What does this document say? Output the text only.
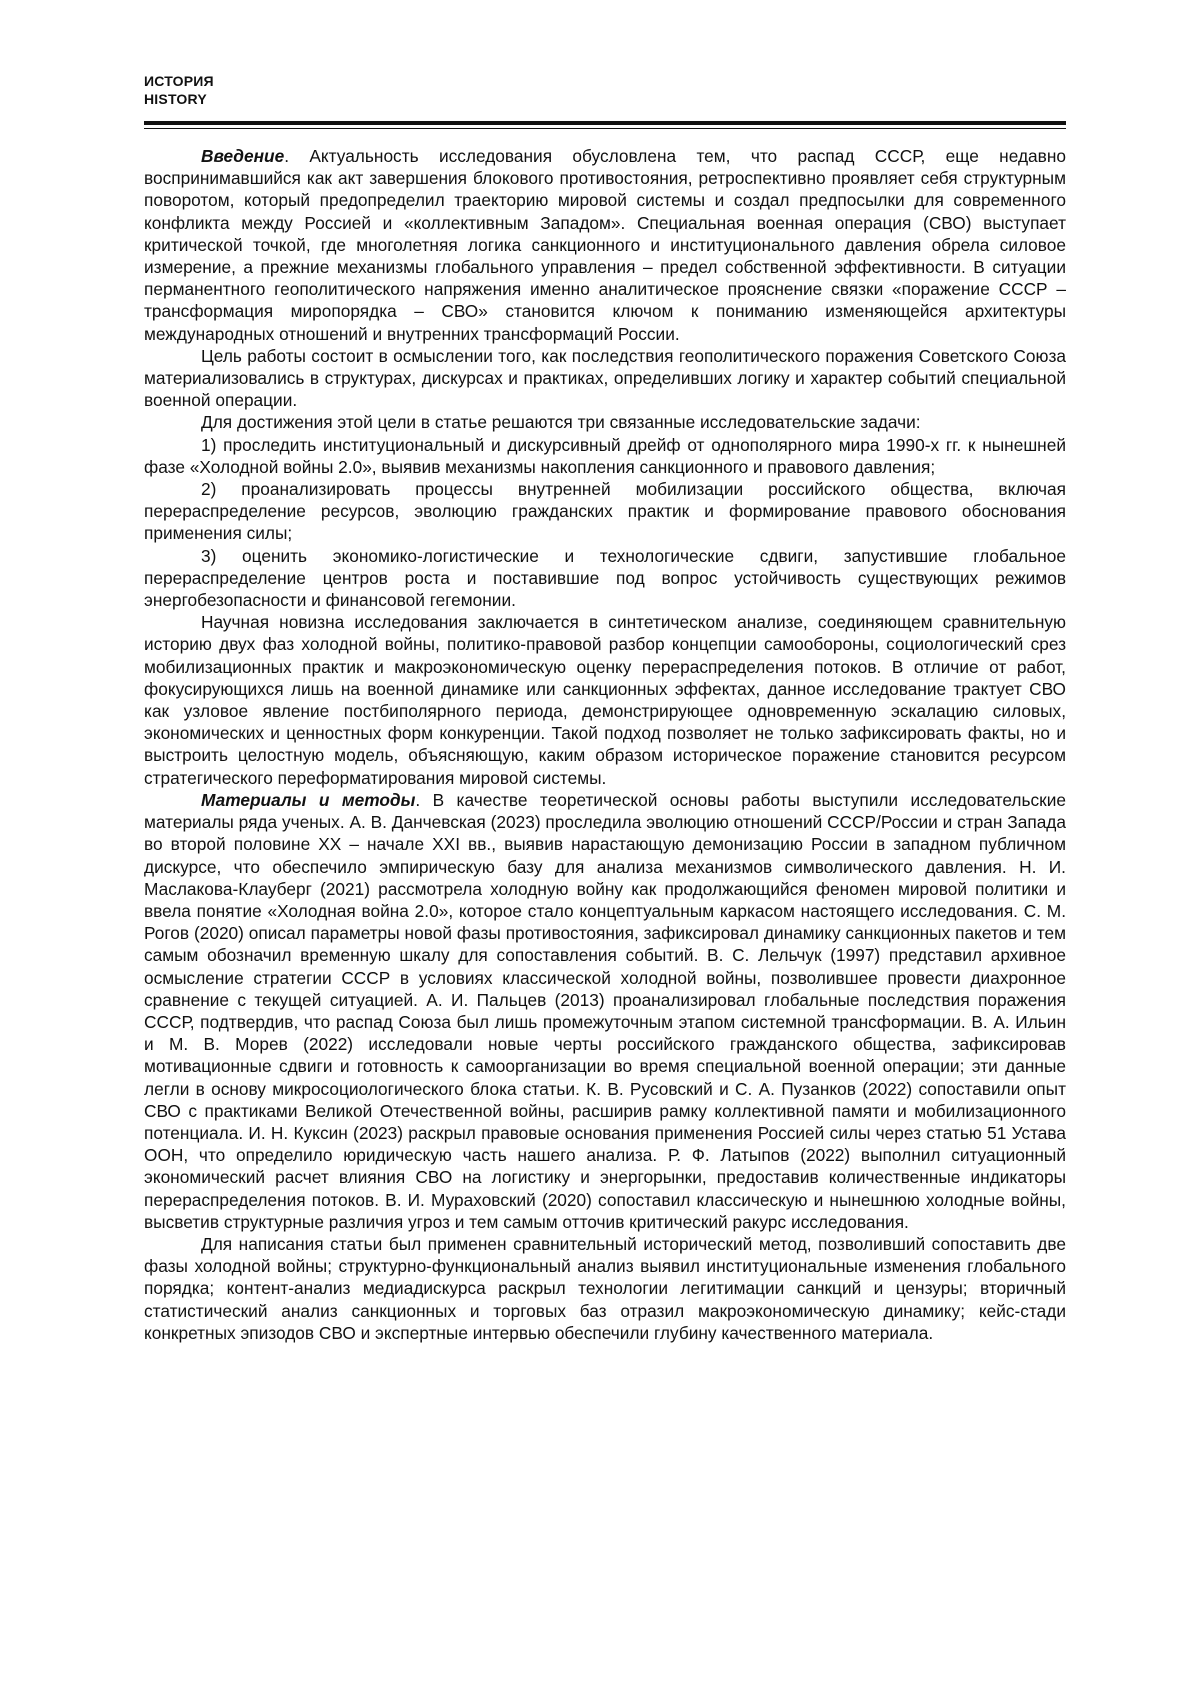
ИСТОРИЯ
HISTORY

Введение. Актуальность исследования обусловлена тем, что распад СССР, еще недавно воспринимавшийся как акт завершения блокового противостояния, ретроспективно проявляет себя структурным поворотом, который предопределил траекторию мировой системы и создал предпосылки для современного конфликта между Россией и «коллективным Западом». Специальная военная операция (СВО) выступает критической точкой, где многолетняя логика санкционного и институционального давления обрела силовое измерение, а прежние механизмы глобального управления – предел собственной эффективности. В ситуации перманентного геополитического напряжения именно аналитическое прояснение связки «поражение СССР – трансформация миропорядка – СВО» становится ключом к пониманию изменяющейся архитектуры международных отношений и внутренних трансформаций России.

Цель работы состоит в осмыслении того, как последствия геополитического поражения Советского Союза материализовались в структурах, дискурсах и практиках, определивших логику и характер событий специальной военной операции.

Для достижения этой цели в статье решаются три связанные исследовательские задачи:

1) проследить институциональный и дискурсивный дрейф от однополярного мира 1990-х гг. к нынешней фазе «Холодной войны 2.0», выявив механизмы накопления санкционного и правового давления;

2) проанализировать процессы внутренней мобилизации российского общества, включая перераспределение ресурсов, эволюцию гражданских практик и формирование правового обоснования применения силы;

3) оценить экономико-логистические и технологические сдвиги, запустившие глобальное перераспределение центров роста и поставившие под вопрос устойчивость существующих режимов энергобезопасности и финансовой гегемонии.

Научная новизна исследования заключается в синтетическом анализе, соединяющем сравнительную историю двух фаз холодной войны, политико-правовой разбор концепции самообороны, социологический срез мобилизационных практик и макроэкономическую оценку перераспределения потоков. В отличие от работ, фокусирующихся лишь на военной динамике или санкционных эффектах, данное исследование трактует СВО как узловое явление постбиполярного периода, демонстрирующее одновременную эскалацию силовых, экономических и ценностных форм конкуренции. Такой подход позволяет не только зафиксировать факты, но и выстроить целостную модель, объясняющую, каким образом историческое поражение становится ресурсом стратегического переформатирования мировой системы.

Материалы и методы. В качестве теоретической основы работы выступили исследовательские материалы ряда ученых. А. В. Данчевская (2023) проследила эволюцию отношений СССР/России и стран Запада во второй половине XX – начале XXI вв., выявив нарастающую демонизацию России в западном публичном дискурсе, что обеспечило эмпирическую базу для анализа механизмов символического давления. Н. И. Маслакова-Клауберг (2021) рассмотрела холодную войну как продолжающийся феномен мировой политики и ввела понятие «Холодная война 2.0», которое стало концептуальным каркасом настоящего исследования. С. М. Рогов (2020) описал параметры новой фазы противостояния, зафиксировал динамику санкционных пакетов и тем самым обозначил временную шкалу для сопоставления событий. В. С. Лельчук (1997) представил архивное осмысление стратегии СССР в условиях классической холодной войны, позволившее провести диахронное сравнение с текущей ситуацией. А. И. Пальцев (2013) проанализировал глобальные последствия поражения СССР, подтвердив, что распад Союза был лишь промежуточным этапом системной трансформации. В. А. Ильин и М. В. Морев (2022) исследовали новые черты российского гражданского общества, зафиксировав мотивационные сдвиги и готовность к самоорганизации во время специальной военной операции; эти данные легли в основу микросоциологического блока статьи. К. В. Русовский и С. А. Пузанков (2022) сопоставили опыт СВО с практиками Великой Отечественной войны, расширив рамку коллективной памяти и мобилизационного потенциала. И. Н. Куксин (2023) раскрыл правовые основания применения Россией силы через статью 51 Устава ООН, что определило юридическую часть нашего анализа. Р. Ф. Латыпов (2022) выполнил ситуационный экономический расчет влияния СВО на логистику и энергорынки, предоставив количественные индикаторы перераспределения потоков. В. И. Мураховский (2020) сопоставил классическую и нынешнюю холодные войны, высветив структурные различия угроз и тем самым отточив критический ракурс исследования.

Для написания статьи был применен сравнительный исторический метод, позволивший сопоставить две фазы холодной войны; структурно-функциональный анализ выявил институциональные изменения глобального порядка; контент-анализ медиадискурса раскрыл технологии легитимации санкций и цензуры; вторичный статистический анализ санкционных и торговых баз отразил макроэкономическую динамику; кейс-стади конкретных эпизодов СВО и экспертные интервью обеспечили глубину качественного материала.
